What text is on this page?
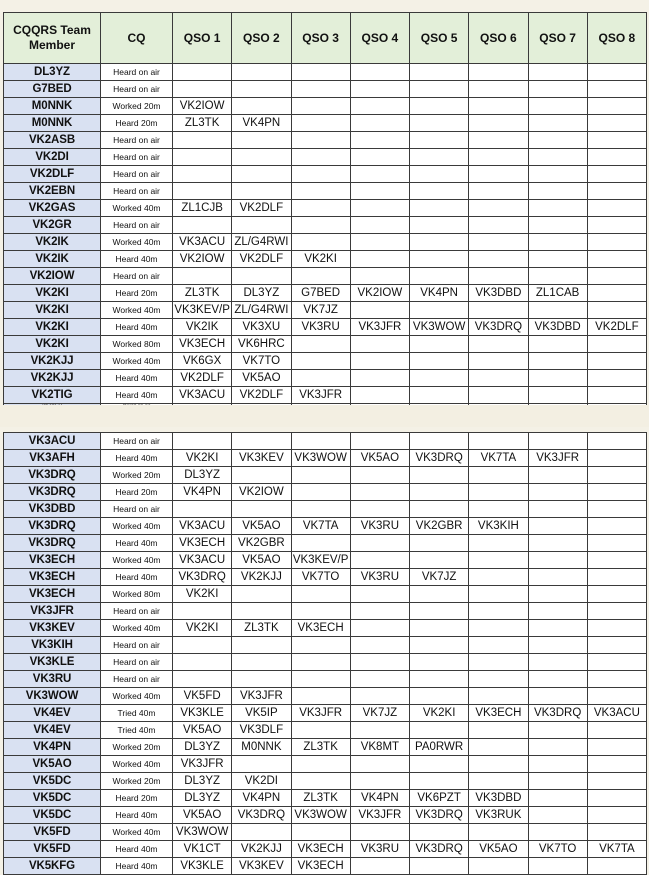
CQQRS Team Member	CQ	QSO 1	QSO 2	QSO 3	QSO 4	QSO 5	QSO 6	QSO 7	QSO 8
DL3YZ	Heard on air								
G7BED	Heard on air								
M0NNK	Worked 20m	VK2IOW							
M0NNK	Heard 20m	ZL3TK	VK4PN						
VK2ASB	Heard on air								
VK2DI	Heard on air								
VK2DLF	Heard on air								
VK2EBN	Heard on air								
VK2GAS	Worked 40m	ZL1CJB	VK2DLF						
VK2GR	Heard on air								
VK2IK	Worked 40m	VK3ACU	ZL/G4RWI						
VK2IK	Heard 40m	VK2IOW	VK2DLF	VK2KI					
VK2IOW	Heard on air								
VK2KI	Heard 20m	ZL3TK	DL3YZ	G7BED	VK2IOW	VK4PN	VK3DBD	ZL1CAB	
VK2KI	Worked 40m	VK3KEV/P	ZL/G4RWI	VK7JZ					
VK2KI	Heard 40m	VK2IK	VK3XU	VK3RU	VK3JFR	VK3WOW	VK3DRQ	VK3DBD	VK2DLF
VK2KI	Worked 80m	VK3ECH	VK6HRC						
VK2KJJ	Worked 40m	VK6GX	VK7TO						
VK2KJJ	Heard 40m	VK2DLF	VK5AO						
VK2TIG	Heard 40m	VK3ACU	VK2DLF	VK3JFR					

VK3ACU	Heard on air								
VK3AFH	Heard 40m	VK2KI	VK3KEV	VK3WOW	VK5AO	VK3DRQ	VK7TA	VK3JFR	
VK3DRQ	Worked 20m	DL3YZ							
VK3DRQ	Heard 20m	VK4PN	VK2IOW						
VK3DBD	Heard on air								
VK3DRQ	Worked 40m	VK3ACU	VK5AO	VK7TA	VK3RU	VK2GBR	VK3KIH		
VK3DRQ	Heard 40m	VK3ECH	VK2GBR						
VK3ECH	Worked 40m	VK3ACU	VK5AO	VK3KEV/P					
VK3ECH	Heard 40m	VK3DRQ	VK2KJJ	VK7TO	VK3RU	VK7JZ			
VK3ECH	Worked 80m	VK2KI							
VK3JFR	Heard on air								
VK3KEV	Worked 40m	VK2KI	ZL3TK	VK3ECH					
VK3KIH	Heard on air								
VK3KLE	Heard on air								
VK3RU	Heard on air								
VK3WOW	Worked 40m	VK5FD	VK3JFR						
VK4EV	Tried 40m	VK3KLE	VK5IP	VK3JFR	VK7JZ	VK2KI	VK3ECH	VK3DRQ	VK3ACU
VK4EV	Tried 40m	VK5AO	VK3DLF						
VK4PN	Worked 20m	DL3YZ	M0NNK	ZL3TK	VK8MT	PA0RWR			
VK5AO	Worked 40m	VK3JFR							
VK5DC	Worked 20m	DL3YZ	VK2DI						
VK5DC	Heard 20m	DL3YZ	VK4PN	ZL3TK	VK4PN	VK6PZT	VK3DBD		
VK5DC	Heard 40m	VK5AO	VK3DRQ	VK3WOW	VK3JFR	VK3DRQ	VK3RUK		
VK5FD	Worked 40m	VK3WOW							
VK5FD	Heard 40m	VK1CT	VK2KJJ	VK3ECH	VK3RU	VK3DRQ	VK5AO	VK7TO	VK7TA
VK5KFG	Heard 40m	VK3KLE	VK3KEV	VK3ECH					
